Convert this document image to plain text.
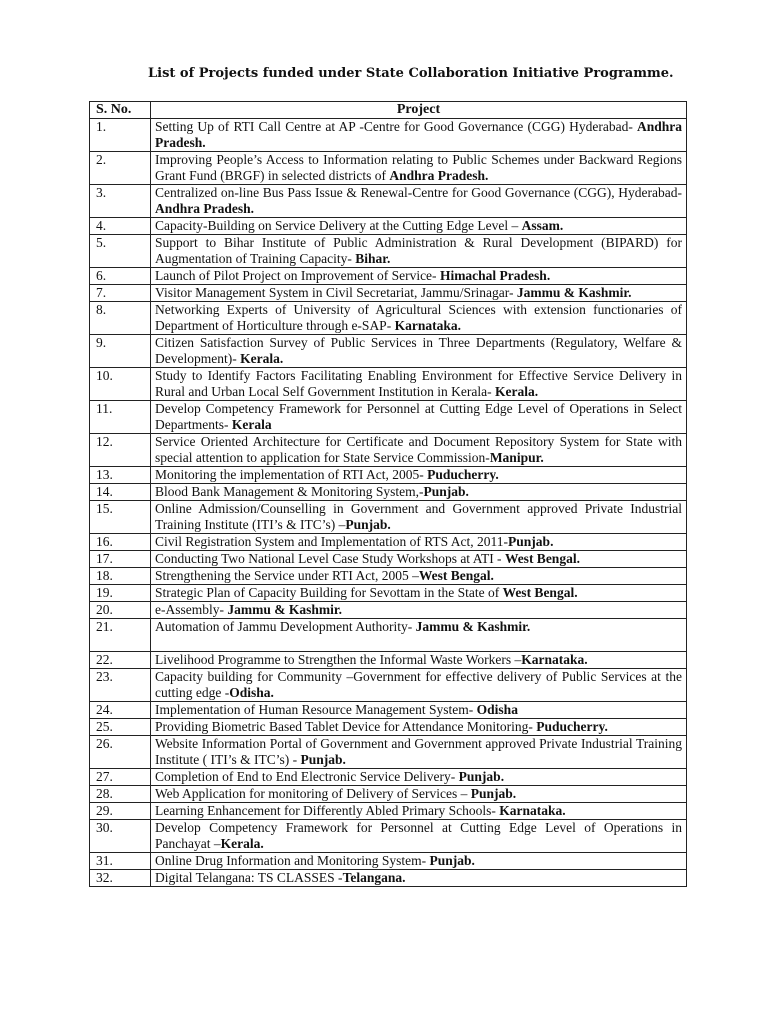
List of Projects funded under State Collaboration Initiative Programme.
S. No.	Project
1.	Setting Up of RTI Call Centre at AP -Centre for Good Governance (CGG) Hyderabad- Andhra Pradesh.
2.	Improving People’s Access to Information relating to Public Schemes under Backward Regions Grant Fund (BRGF) in selected districts of Andhra Pradesh.
3.	Centralized on-line Bus Pass Issue & Renewal-Centre for Good Governance (CGG), Hyderabad- Andhra Pradesh.
4.	Capacity-Building on Service Delivery at the Cutting Edge Level – Assam.
5.	Support to Bihar Institute of Public Administration & Rural Development (BIPARD) for Augmentation of Training Capacity- Bihar.
6.	Launch of Pilot Project on Improvement of Service- Himachal Pradesh.
7.	Visitor Management System in Civil Secretariat, Jammu/Srinagar- Jammu & Kashmir.
8.	Networking Experts of University of Agricultural Sciences with extension functionaries of Department of Horticulture through e-SAP- Karnataka.
9.	Citizen Satisfaction Survey of Public Services in Three Departments (Regulatory, Welfare & Development)- Kerala.
10.	Study to Identify Factors Facilitating Enabling Environment for Effective Service Delivery in Rural and Urban Local Self Government Institution in Kerala- Kerala.
11.	Develop Competency Framework for Personnel at Cutting Edge Level of Operations in Select Departments- Kerala
12.	Service Oriented Architecture for Certificate and Document Repository System for State with special attention to application for State Service Commission-Manipur.
13.	Monitoring the implementation of RTI Act, 2005- Puducherry.
14.	Blood Bank Management & Monitoring System,-Punjab.
15.	Online Admission/Counselling in Government and Government approved Private Industrial Training Institute (ITI’s & ITC’s) –Punjab.
16.	Civil Registration System and Implementation of RTS Act, 2011-Punjab.
17.	Conducting Two National Level Case Study Workshops at ATI - West Bengal.
18.	Strengthening the Service under RTI Act, 2005 –West Bengal.
19.	Strategic Plan of Capacity Building for Sevottam in the State of West Bengal.
20.	e-Assembly- Jammu & Kashmir.
21.	Automation of Jammu Development Authority- Jammu & Kashmir.
22.	Livelihood Programme to Strengthen the Informal Waste Workers –Karnataka.
23.	Capacity building for Community –Government for effective delivery of Public Services at the cutting edge -Odisha.
24.	Implementation of Human Resource Management System- Odisha
25.	Providing Biometric Based Tablet Device for Attendance Monitoring- Puducherry.
26.	Website Information Portal of Government and Government approved Private Industrial Training Institute ( ITI’s & ITC’s) - Punjab.
27.	Completion of End to End Electronic Service Delivery- Punjab.
28.	Web Application for monitoring of Delivery of Services – Punjab.
29.	Learning Enhancement for Differently Abled Primary Schools- Karnataka.
30.	Develop Competency Framework for Personnel at Cutting Edge Level of Operations in Panchayat –Kerala.
31.	Online Drug Information and Monitoring System- Punjab.
32.	Digital Telangana: TS CLASSES -Telangana.
